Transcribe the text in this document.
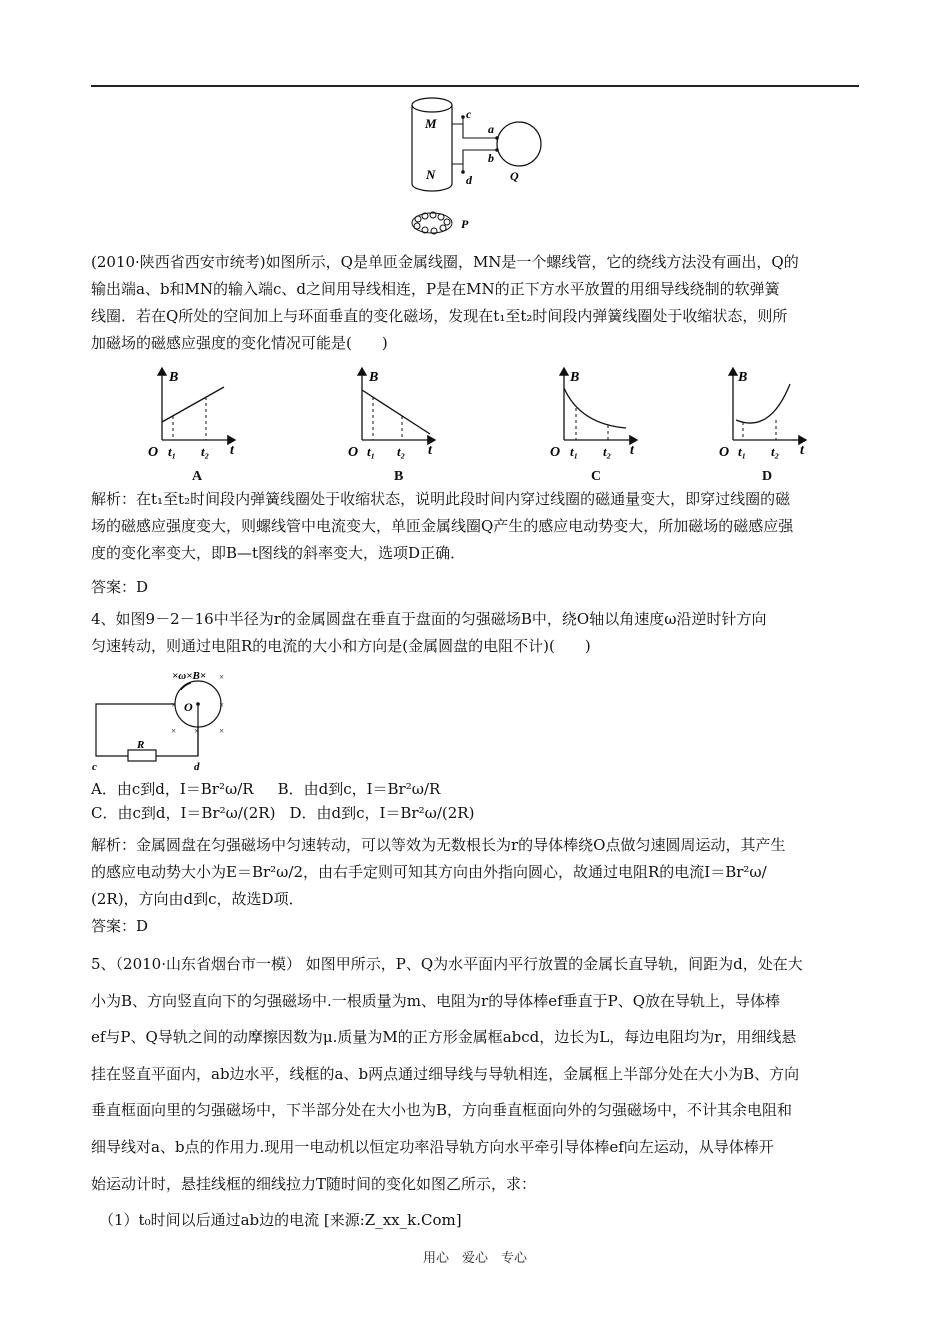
M
N
c
a
b
d	Q
P

(2010·陕西省西安市统考)如图所示，Q是单匝金属线圈，MN是一个螺线管，它的绕线方法没有画出，Q的

输出端a、b和MN的输入端c、d之间用导线相连，P是在MN的正下方水平放置的用细导线绕制的软弹簧

线圈．若在Q所处的空间加上与环面垂直的变化磁场，发现在t₁至t₂时间段内弹簧线圈处于收缩状态，则所

加磁场的磁感应强度的变化情况可能是(　　)

B
t
O t₁ t₂
A
B
t
O t₁ t₂
B
B
t
O t₁ t₂
C
B
t
O t₁ t₂
D

解析：在t₁至t₂时间段内弹簧线圈处于收缩状态，说明此段时间内穿过线圈的磁通量变大，即穿过线圈的磁

场的磁感应强度变大，则螺线管中电流变大，单匝金属线圈Q产生的感应电动势变大，所加磁场的磁感应强

度的变化率变大，即B—t图线的斜率变大，选项D正确．

答案：D

4、如图9－2－16中半径为r的金属圆盘在垂直于盘面的匀强磁场B中，绕O轴以角速度ω沿逆时针方向

匀速转动，则通过电阻R的电流的大小和方向是(金属圆盘的电阻不计)(　　)

×ω×B×
O
R
c	d
×
×	×
× × ×

A．由c到d，I＝Br²ω/R B．由d到c，I＝Br²ω/R

C．由c到d，I＝Br²ω/(2R) D．由d到c，I＝Br²ω/(2R)

解析：金属圆盘在匀强磁场中匀速转动，可以等效为无数根长为r的导体棒绕O点做匀速圆周运动，其产生

的感应电动势大小为E＝Br²ω/2，由右手定则可知其方向由外指向圆心，故通过电阻R的电流I＝Br²ω/

(2R)，方向由d到c，故选D项．

答案：D

5、（2010·山东省烟台市一模） 如图甲所示，P、Q为水平面内平行放置的金属长直导轨，间距为d，处在大

小为B、方向竖直向下的匀强磁场中.一根质量为m、电阻为r的导体棒ef垂直于P、Q放在导轨上，导体棒

ef与P、Q导轨之间的动摩擦因数为μ.质量为M的正方形金属框abcd，边长为L，每边电阻均为r，用细线悬

挂在竖直平面内，ab边水平，线框的a、b两点通过细导线与导轨相连，金属框上半部分处在大小为B、方向

垂直框面向里的匀强磁场中，下半部分处在大小也为B，方向垂直框面向外的匀强磁场中，不计其余电阻和

细导线对a、b点的作用力.现用一电动机以恒定功率沿导轨方向水平牵引导体棒ef向左运动，从导体棒开

始运动计时，悬挂线框的细线拉力T随时间的变化如图乙所示，求：

（1）t₀时间以后通过ab边的电流 [来源:Z_xx_k.Com]

用心　爱心　专心
